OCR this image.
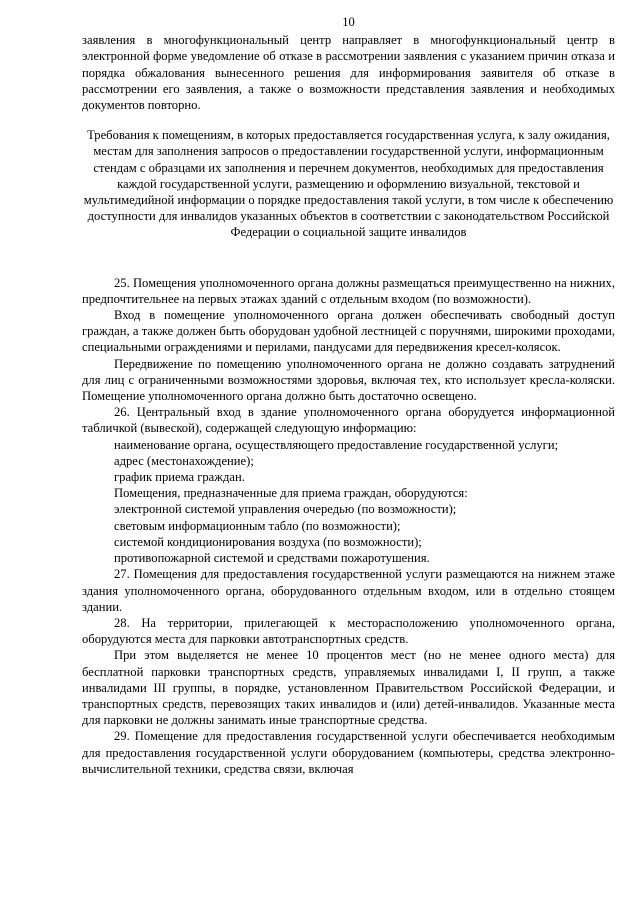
10

заявления в многофункциональный центр направляет в многофункциональный центр в электронной форме уведомление об отказе в рассмотрении заявления с указанием причин отказа и порядка обжалования вынесенного решения для информирования заявителя об отказе в рассмотрении его заявления, а также о возможности представления заявления и необходимых документов повторно.

Требования к помещениям, в которых предоставляется государственная услуга, к залу ожидания, местам для заполнения запросов о предоставлении государственной услуги, информационным стендам с образцами их заполнения и перечнем документов, необходимых для предоставления каждой государственной услуги, размещению и оформлению визуальной, текстовой и мультимедийной информации о порядке предоставления такой услуги, в том числе к обеспечению доступности для инвалидов указанных объектов в соответствии с законодательством Российской Федерации о социальной защите инвалидов

25. Помещения уполномоченного органа должны размещаться преимущественно на нижних, предпочтительнее на первых этажах зданий с отдельным входом (по возможности).

Вход в помещение уполномоченного органа должен обеспечивать свободный доступ граждан, а также должен быть оборудован удобной лестницей с поручнями, широкими проходами, специальными ограждениями и перилами, пандусами для передвижения кресел-колясок.

Передвижение по помещению уполномоченного органа не должно создавать затруднений для лиц с ограниченными возможностями здоровья, включая тех, кто использует кресла-коляски. Помещение уполномоченного органа должно быть достаточно освещено.

26. Центральный вход в здание уполномоченного органа оборудуется информационной табличкой (вывеской), содержащей следующую информацию:

наименование органа, осуществляющего предоставление государственной услуги;

адрес (местонахождение);

график приема граждан.

Помещения, предназначенные для приема граждан, оборудуются:

электронной системой управления очередью (по возможности);

световым информационным табло (по возможности);

системой кондиционирования воздуха (по возможности);

противопожарной системой и средствами пожаротушения.

27. Помещения для предоставления государственной услуги размещаются на нижнем этаже здания уполномоченного органа, оборудованного отдельным входом, или в отдельно стоящем здании.

28. На территории, прилегающей к месторасположению уполномоченного органа, оборудуются места для парковки автотранспортных средств.

При этом выделяется не менее 10 процентов мест (но не менее одного места) для бесплатной парковки транспортных средств, управляемых инвалидами I, II групп, а также инвалидами III группы, в порядке, установленном Правительством Российской Федерации, и транспортных средств, перевозящих таких инвалидов и (или) детей-инвалидов. Указанные места для парковки не должны занимать иные транспортные средства.

29. Помещение для предоставления государственной услуги обеспечивается необходимым для предоставления государственной услуги оборудованием (компьютеры, средства электронно-вычислительной техники, средства связи, включая
